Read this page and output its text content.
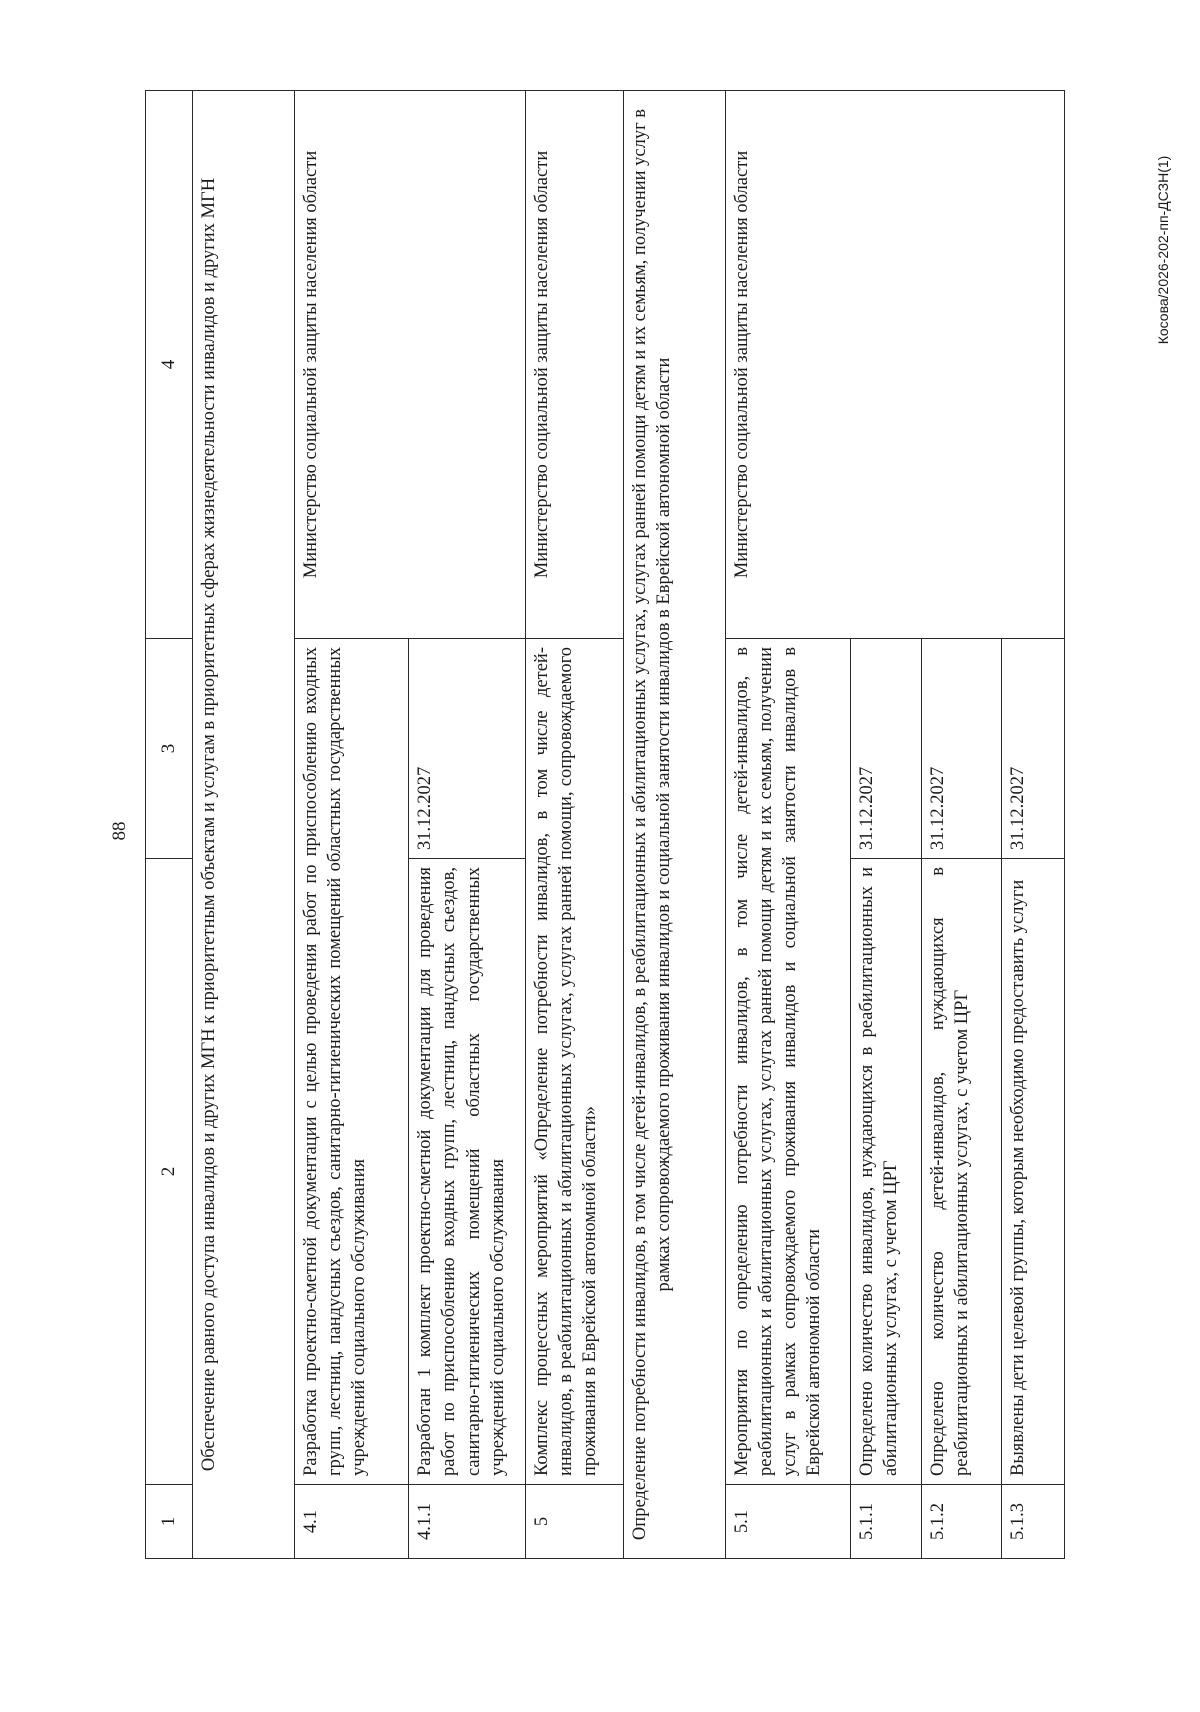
88
Косова/2026-202-пп-ДСЗН(1)
1	2	3	4
Обеспечение равного доступа инвалидов и других МГН к приоритетным объектам и услугам в приоритетных сферах жизнедеятельности инвалидов и других МГН			
4.1	Разработка проектно-сметной документации с целью проведения работ по приспособлению входных групп, лестниц, пандусных съездов, санитарно-гигиенических помещений областных государственных учреждений социального обслуживания		Министерство социальной защиты населения области
4.1.1	Разработан 1 комплект проектно-сметной документации для проведения работ по приспособлению входных групп, лестниц, пандусных съездов, санитарно-гигиенических помещений областных государственных учреждений социального обслуживания	31.12.2027	
5	Комплекс процессных мероприятий «Определение потребности инвалидов, в том числе детей-инвалидов, в реабилитационных и абилитационных услугах, услугах ранней помощи, сопровождаемого проживания в Еврейской автономной области»		Министерство социальной защиты населения области
Определение потребности инвалидов, в том числе детей-инвалидов, в реабилитационных и абилитационных услугах, услугах ранней помощи детям и их семьям, получении услуг в рамках сопровождаемого проживания инвалидов и социальной занятости инвалидов в Еврейской автономной области			
5.1	Мероприятия по определению потребности инвалидов, в том числе детей-инвалидов, в реабилитационных и абилитационных услугах, услугах ранней помощи детям и их семьям, получении услуг в рамках сопровождаемого проживания инвалидов и социальной занятости инвалидов в Еврейской автономной области		Министерство социальной защиты населения области
5.1.1	Определено количество инвалидов, нуждающихся в реабилитационных и абилитационных услугах, с учетом ЦРГ	31.12.2027	
5.1.2	Определено количество детей-инвалидов, нуждающихся в реабилитационных и абилитационных услугах, с учетом ЦРГ	31.12.2027	
5.1.3	Выявлены дети целевой группы, которым необходимо предоставить услуги	31.12.2027	
